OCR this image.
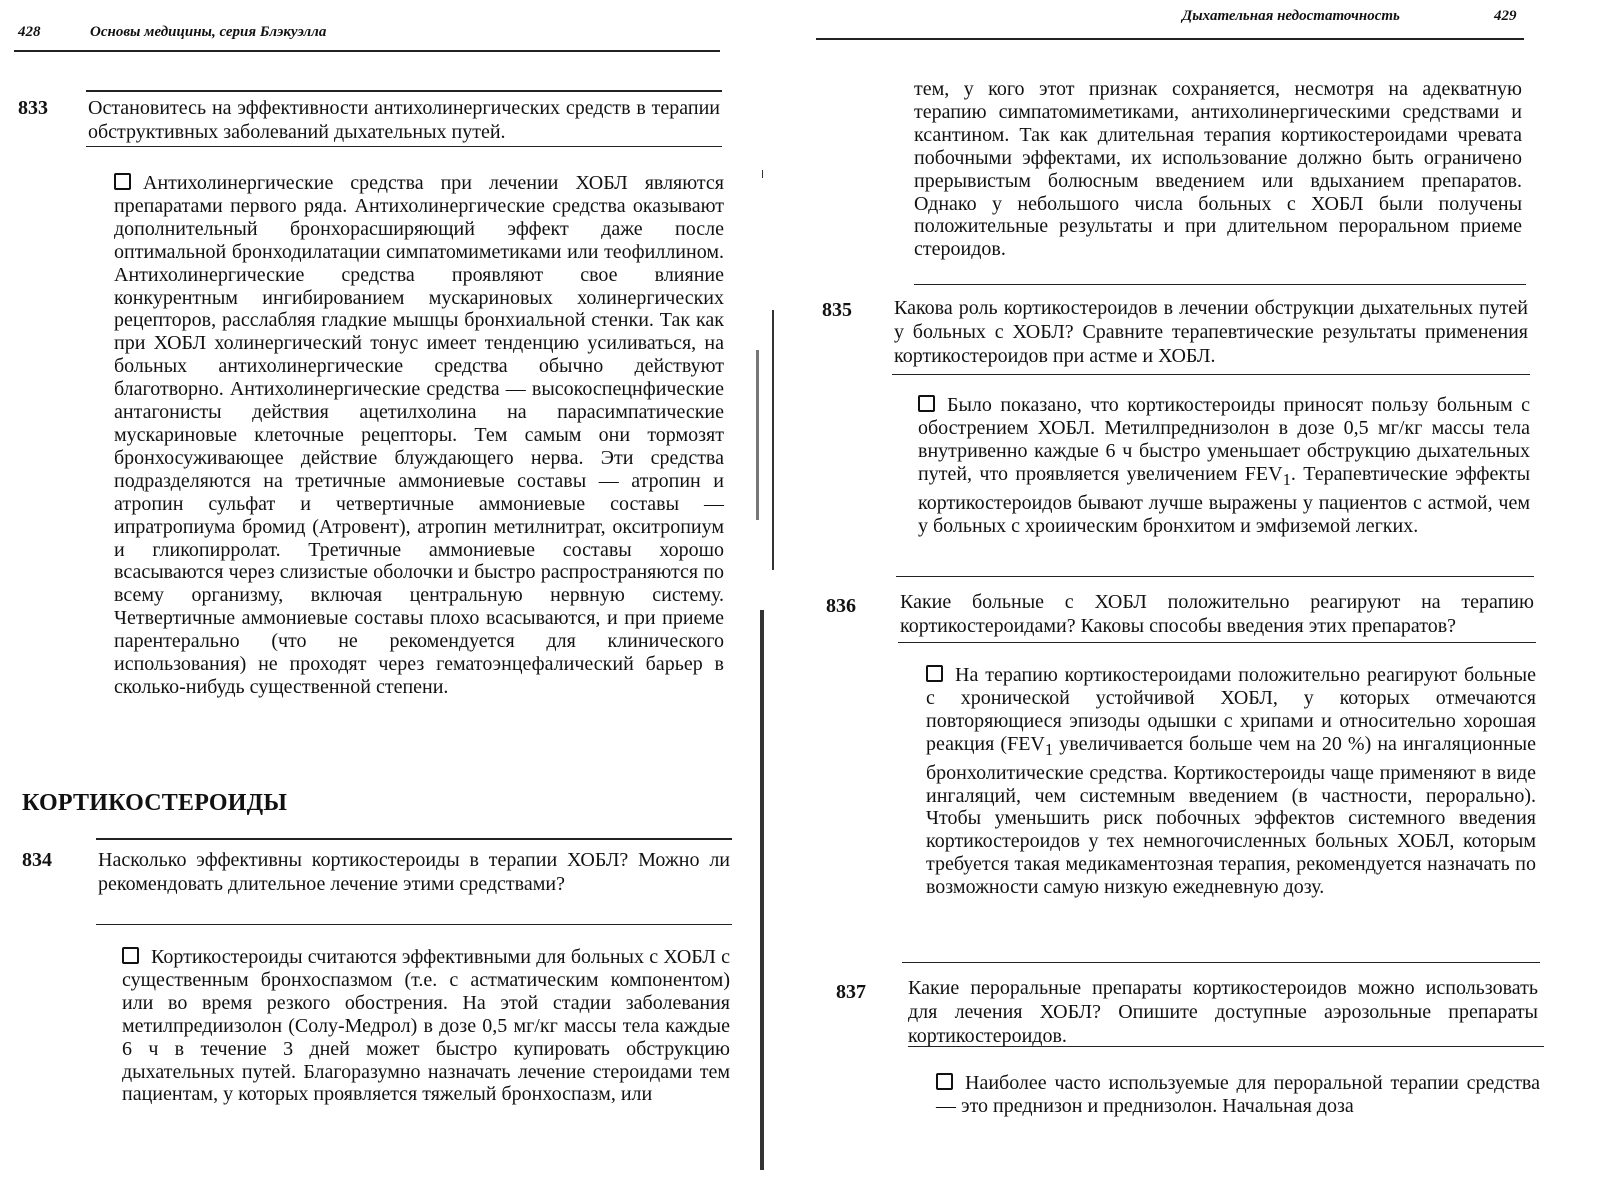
428	Основы медицины, серия Блэкуэлла
833 Остановитесь на эффективности антихолинергических средств в терапии обструктивных заболеваний дыхательных путей.
Антихолинергические средства при лечении ХОБЛ являются препаратами первого ряда. Антихолинергические средства оказывают дополнительный бронхорасширяющий эффект даже после оптимальной бронходилатации симпатомиметиками или теофиллином. Антихолинергические средства проявляют свое влияние конкурентным ингибированием мускариновых холинергических рецепторов, расслабляя гладкие мышцы бронхиальной стенки. Так как при ХОБЛ холинергический тонус имеет тенденцию усиливаться, на больных антихолинергические средства обычно действуют благотворно. Антихолинергические средства — высокоспецнфические антагонисты действия ацетилхолина на парасимпатические мускариновые клеточные рецепторы. Тем самым они тормозят бронхосуживающее действие блуждающего нерва. Эти средства подразделяются на третичные аммониевые составы — атропин и атропин сульфат и четвертичные аммониевые составы — ипратропиума бромид (Атровент), атропин метилнитрат, окситропиум и гликопирролат. Третичные аммониевые составы хорошо всасываются через слизистые оболочки и быстро распространяются по всему организму, включая центральную нервную систему. Четвертичные аммониевые составы плохо всасываются, и при приеме парентерально (что не рекомендуется для клинического использования) не проходят через гематоэнцефалический барьер в сколько-нибудь существенной степени.
КОРТИКОСТЕРОИДЫ
834 Насколько эффективны кортикостероиды в терапии ХОБЛ? Можно ли рекомендовать длительное лечение этими средствами?
Кортикостероиды считаются эффективными для больных с ХОБЛ с существенным бронхоспазмом (т.е. с астматическим компонентом) или во время резкого обострения. На этой стадии заболевания метилпредиизолон (Солу-Медрол) в дозе 0,5 мг/кг массы тела каждые 6 ч в течение 3 дней может быстро купировать обструкцию дыхательных путей. Благоразумно назначать лечение стероидами тем пациентам, у которых проявляется тяжелый бронхоспазм, или
Дыхательная недостаточность	429
тем, у кого этот признак сохраняется, несмотря на адекватную терапию симпатомиметиками, антихолинергическими средствами и ксантином. Так как длительная терапия кортикостероидами чревата побочными эффектами, их использование должно быть ограничено прерывистым болюсным введением или вдыханием препаратов. Однако у небольшого числа больных с ХОБЛ были получены положительные результаты и при длительном пероральном приеме стероидов.
835 Какова роль кортикостероидов в лечении обструкции дыхательных путей у больных с ХОБЛ? Сравните терапевтические результаты применения кортикостероидов при астме и ХОБЛ.
Было показано, что кортикостероиды приносят пользу больным с обострением ХОБЛ. Метилпреднизолон в дозе 0,5 мг/кг массы тела внутривенно каждые 6 ч быстро уменьшает обструкцию дыхательных путей, что проявляется увеличением $FEV_1$. Терапевтические эффекты кортикостероидов бывают лучше выражены у пациентов с астмой, чем у больных с хроиическим бронхитом и эмфиземой легких.
836 Какие больные с ХОБЛ положительно реагируют на терапию кортикостероидами? Каковы способы введения этих препаратов?
На терапию кортикостероидами положительно реагируют больные с хронической устойчивой ХОБЛ, у которых отмечаются повторяющиеся эпизоды одышки с хрипами и относительно хорошая реакция ($FEV_1$ увеличивается больше чем на 20 %) на ингаляционные бронхолитические средства. Кортикостероиды чаще применяют в виде ингаляций, чем системным введением (в частности, перорально). Чтобы уменьшить риск побочных эффектов системного введения кортикостероидов у тех немногочисленных больных ХОБЛ, которым требуется такая медикаментозная терапия, рекомендуется назначать по возможности самую низкую ежедневную дозу.
837 Какие пероральные препараты кортикостероидов можно использовать для лечения ХОБЛ? Опишите доступные аэрозольные препараты кортикостероидов.
Наиболее часто используемые для пероральной терапии средства — это преднизон и преднизолон. Начальная доза
